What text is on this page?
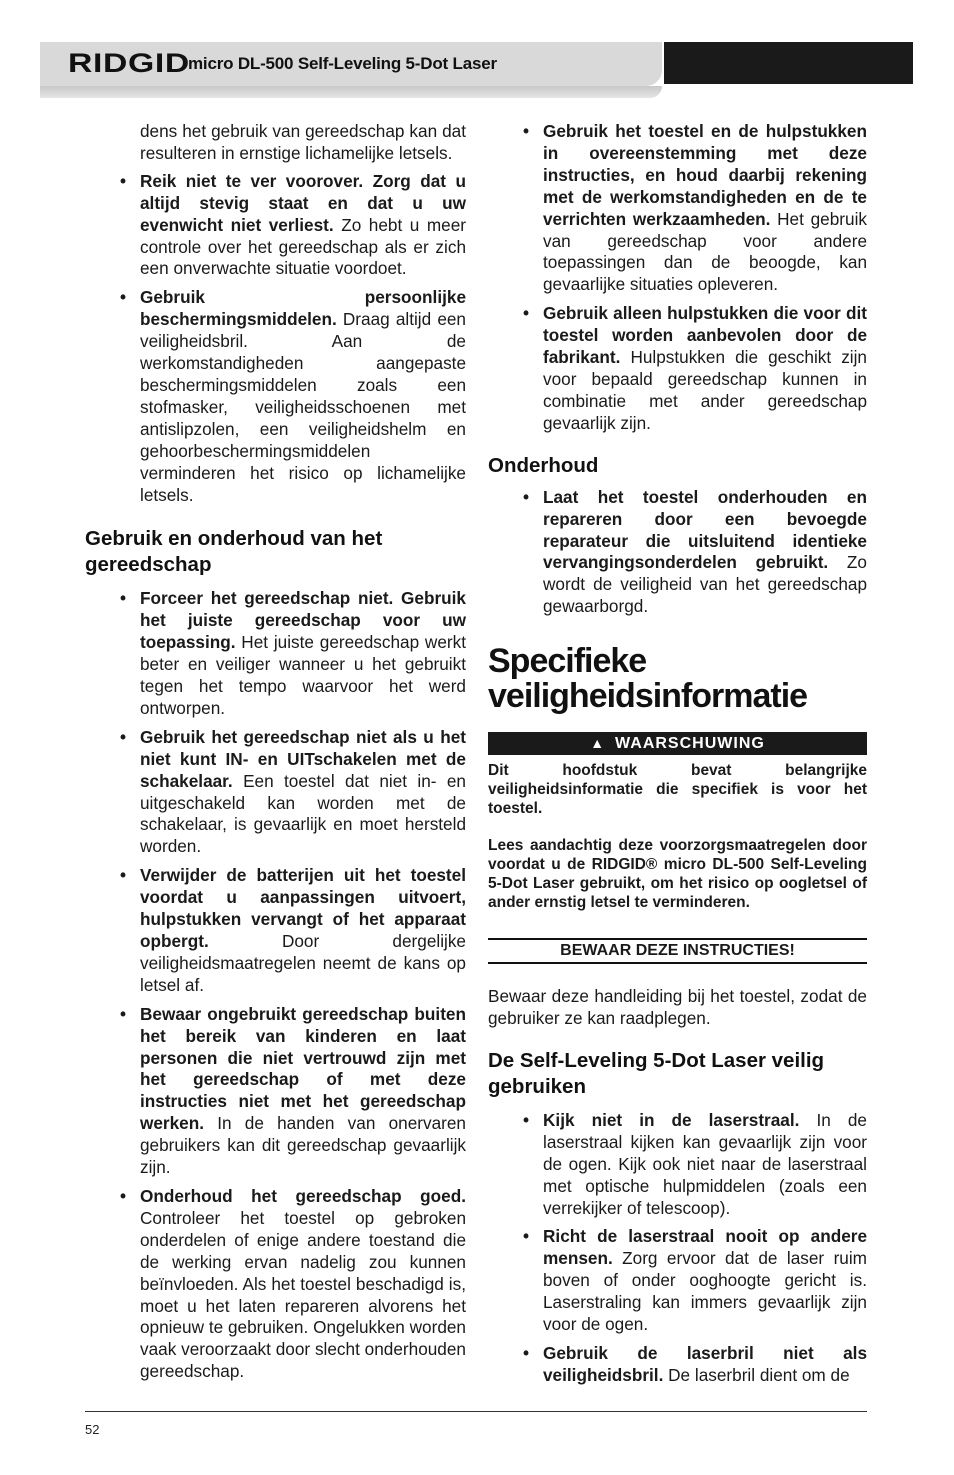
RIDGID
micro DL-500 Self-Leveling 5-Dot Laser

dens het gebruik van gereedschap kan dat resulteren in ernstige lichamelijke letsels.

• Reik niet te ver voorover. Zorg dat u altijd stevig staat en dat u uw evenwicht niet verliest. Zo hebt u meer controle over het gereedschap als er zich een onverwachte situatie voordoet.
• Gebruik persoonlijke beschermingsmiddelen. Draag altijd een veiligheidsbril. Aan de werkomstandigheden aangepaste beschermingsmiddelen zoals een stofmasker, veiligheidsschoenen met antislipzolen, een veiligheidshelm en gehoorbeschermingsmiddelen verminderen het risico op lichamelijke letsels.
Gebruik en onderhoud van het gereedschap
• Forceer het gereedschap niet. Gebruik het juiste gereedschap voor uw toepassing. Het juiste gereedschap werkt beter en veiliger wanneer u het gebruikt tegen het tempo waarvoor het werd ontworpen.
• Gebruik het gereedschap niet als u het niet kunt IN- en UITschakelen met de schakelaar. Een toestel dat niet in- en uitgeschakeld kan worden met de schakelaar, is gevaarlijk en moet hersteld worden.
• Verwijder de batterijen uit het toestel voordat u aanpassingen uitvoert, hulpstukken vervangt of het apparaat opbergt. Door dergelijke veiligheidsmaatregelen neemt de kans op letsel af.
• Bewaar ongebruikt gereedschap buiten het bereik van kinderen en laat personen die niet vertrouwd zijn met het gereedschap of met deze instructies niet met het gereedschap werken. In de handen van onervaren gebruikers kan dit gereedschap gevaarlijk zijn.
• Onderhoud het gereedschap goed. Controleer het toestel op gebroken onderdelen of enige andere toestand die de werking ervan nadelig zou kunnen beïnvloeden. Als het toestel beschadigd is, moet u het laten repareren alvorens het opnieuw te gebruiken. Ongelukken worden vaak veroorzaakt door slecht onderhouden gereedschap.
• Gebruik het toestel en de hulpstukken in overeenstemming met deze instructies, en houd daarbij rekening met de werkomstandigheden en de te verrichten werkzaamheden. Het gebruik van gereedschap voor andere toepassingen dan de beoogde, kan gevaarlijke situaties opleveren.
• Gebruik alleen hulpstukken die voor dit toestel worden aanbevolen door de fabrikant. Hulpstukken die geschikt zijn voor bepaald gereedschap kunnen in combinatie met ander gereedschap gevaarlijk zijn.
Onderhoud
• Laat het toestel onderhouden en repareren door een bevoegde reparateur die uitsluitend identieke vervangingsonderdelen gebruikt. Zo wordt de veiligheid van het gereedschap gewaarborgd.
Specifieke veiligheidsinformatie
▲ WAARSCHUWING
Dit hoofdstuk bevat belangrijke veiligheidsinformatie die specifiek is voor het toestel.
Lees aandachtig deze voorzorgsmaatregelen door voordat u de RIDGID® micro DL-500 Self-Leveling 5-Dot Laser gebruikt, om het risico op oogletsel of ander ernstig letsel te verminderen.
BEWAAR DEZE INSTRUCTIES!

Bewaar deze handleiding bij het toestel, zodat de gebruiker ze kan raadplegen.

De Self-Leveling 5-Dot Laser veilig gebruiken
• Kijk niet in de laserstraal. In de laserstraal kijken kan gevaarlijk zijn voor de ogen. Kijk ook niet naar de laserstraal met optische hulpmiddelen (zoals een verrekijker of telescoop).
• Richt de laserstraal nooit op andere mensen. Zorg ervoor dat de laser ruim boven of onder ooghoogte gericht is. Laserstraling kan immers gevaarlijk zijn voor de ogen.
• Gebruik de laserbril niet als veiligheidsbril. De laserbril dient om de
52
